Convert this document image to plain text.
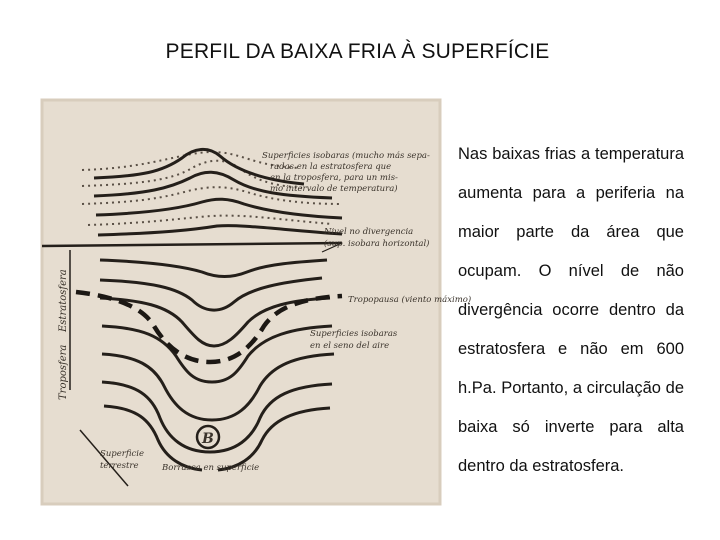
PERFIL DA BAIXA FRIA À SUPERFÍCIE
B
Estratosfera
Troposfera
Superficies isobaras (mucho más sepa-
radas en la estratosfera que
en la troposfera, para un mis-
mo intervalo de temperatura)
Nivel no divergencia
(sup. isobara horizontal)
Tropopausa (viento máximo)
Superficies isobaras
en el seno del aire
Superficie
terrestre	Borrasca en superficie
Nas baixas frias a temperatura aumenta para a periferia na maior parte da área que ocupam. O nível de não divergência ocorre dentro da estratosfera e não em 600 h.Pa. Portanto, a circulação de baixa só inverte para alta dentro da estratosfera.
